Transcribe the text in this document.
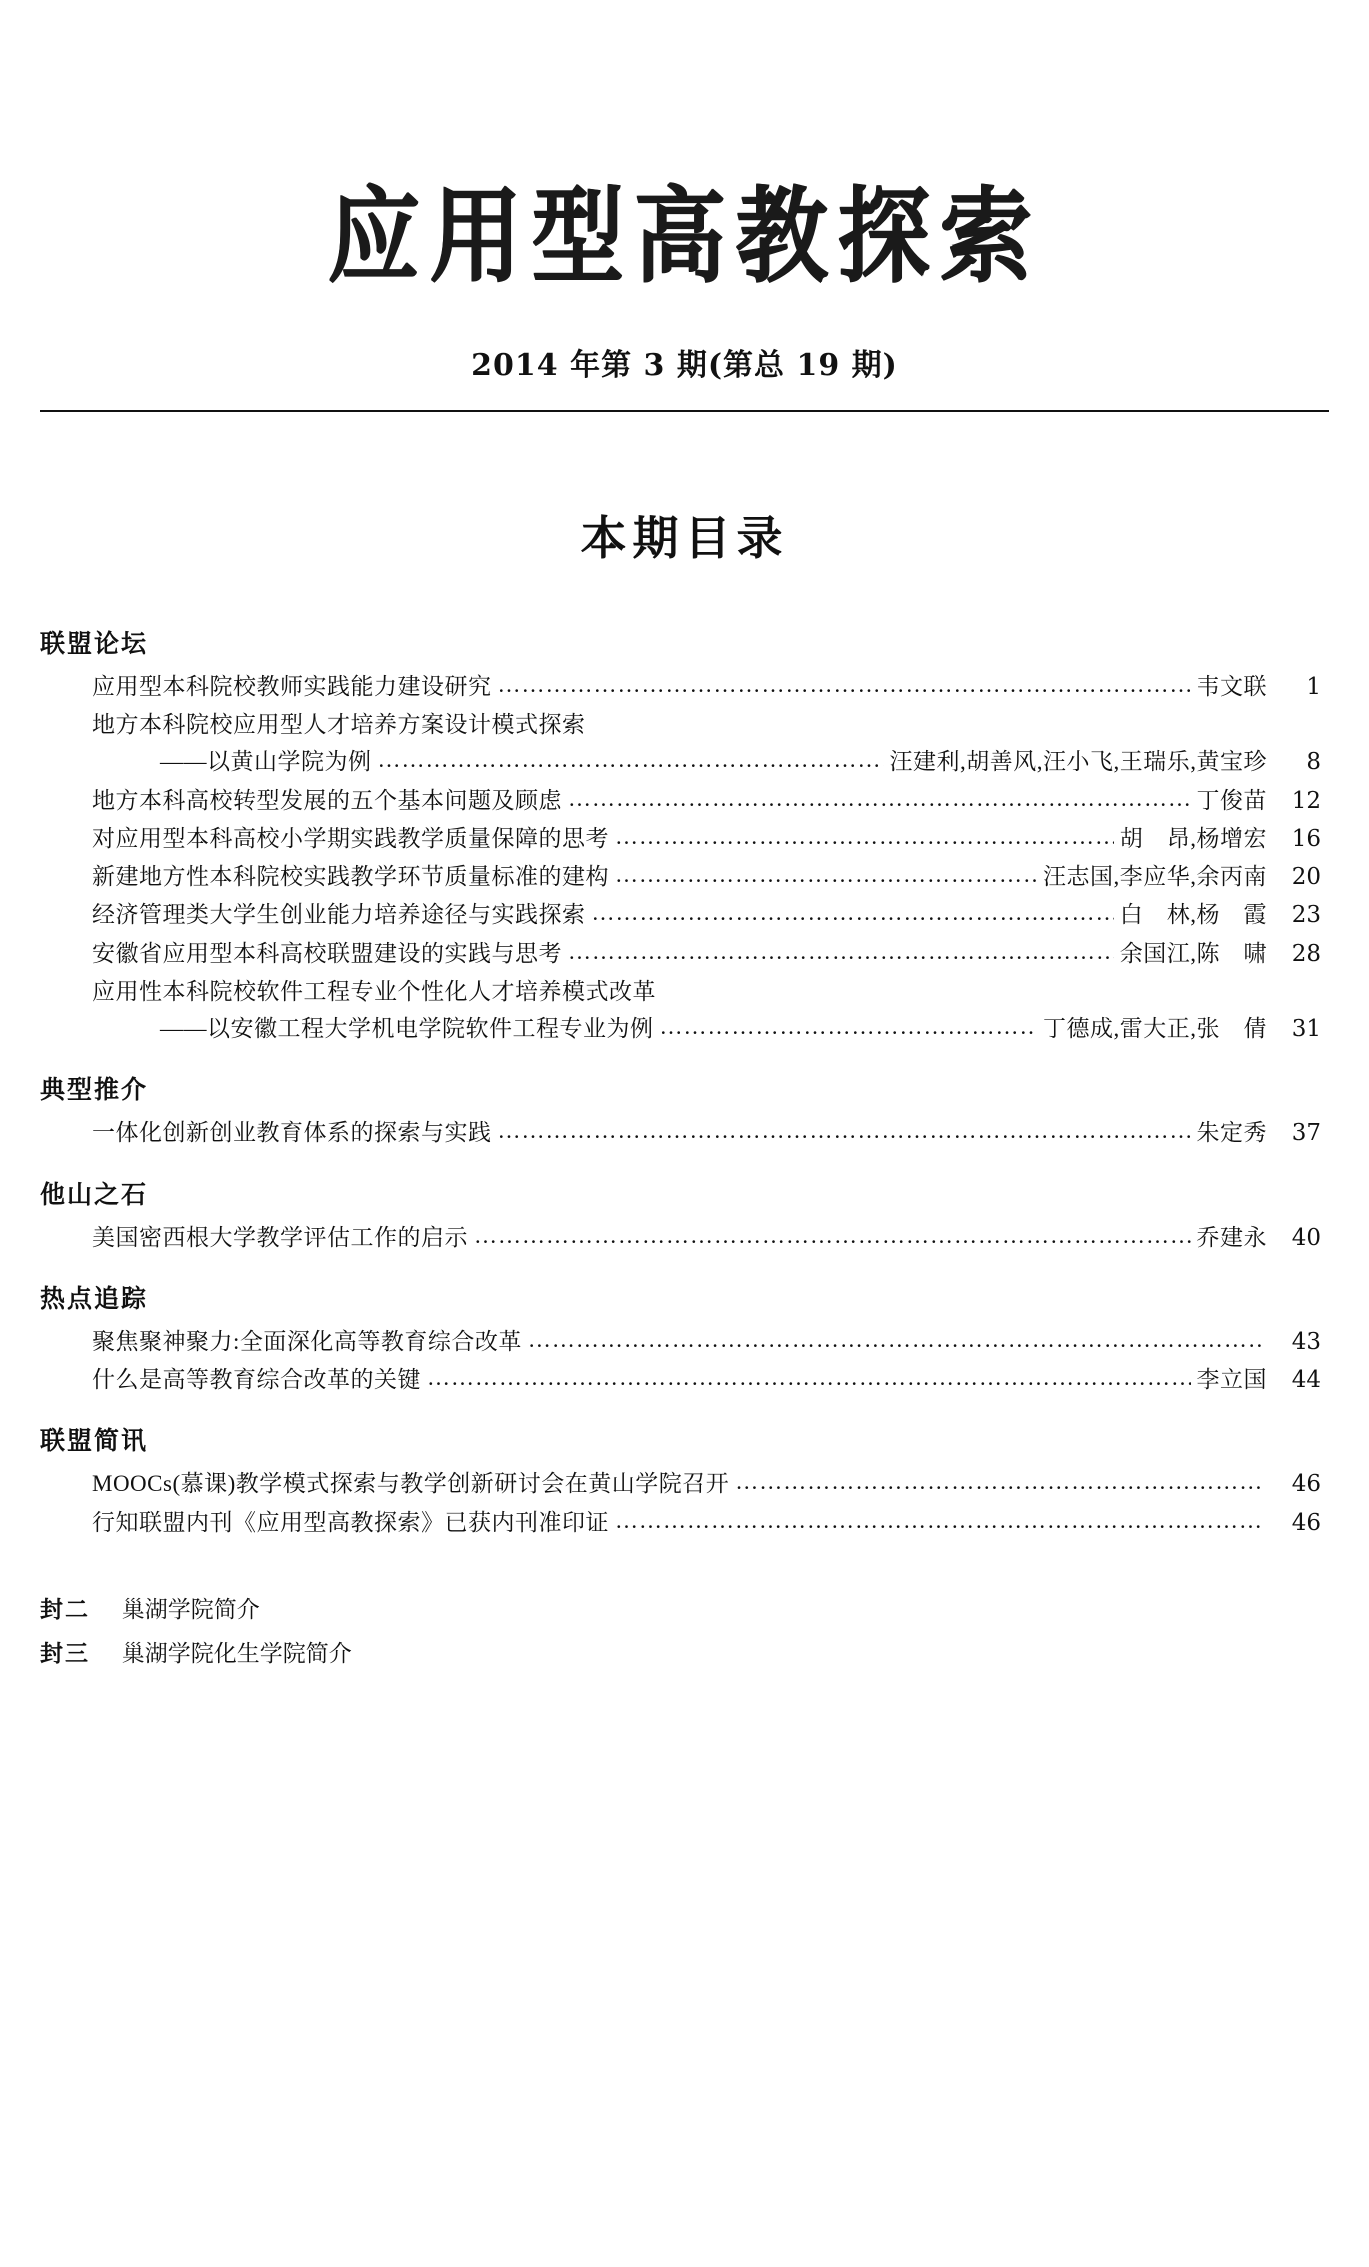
应用型高教探索
2014 年第 3 期(第总 19 期)
本期目录
联盟论坛
应用型本科院校教师实践能力建设研究 ………………………………………………………………………………………………………………………………………………………………………………	韦文联	1
地方本科院校应用型人才培养方案设计模式探索
——以黄山学院为例 ………………………………………………………………………………………………………………………………………………………………………………	汪建利,胡善风,汪小飞,王瑞乐,黄宝珍	8
地方本科高校转型发展的五个基本问题及顾虑 ………………………………………………………………………………………………………………………………………………………………………………	丁俊苗	12
对应用型本科高校小学期实践教学质量保障的思考 ………………………………………………………………………………………………………………………………………………………………………………	胡　昂,杨增宏	16
新建地方性本科院校实践教学环节质量标准的建构 ………………………………………………………………………………………………………………………………………………………………………………	汪志国,李应华,余丙南	20
经济管理类大学生创业能力培养途径与实践探索 ………………………………………………………………………………………………………………………………………………………………………………	白　林,杨　霞	23
安徽省应用型本科高校联盟建设的实践与思考 ………………………………………………………………………………………………………………………………………………………………………………	余国江,陈　啸	28
应用性本科院校软件工程专业个性化人才培养模式改革
——以安徽工程大学机电学院软件工程专业为例 ………………………………………………………………………………………………………………………………………………………………………………	丁德成,雷大正,张　倩	31
典型推介
一体化创新创业教育体系的探索与实践 ………………………………………………………………………………………………………………………………………………………………………………	朱定秀	37
他山之石
美国密西根大学教学评估工作的启示 ………………………………………………………………………………………………………………………………………………………………………………	乔建永	40
热点追踪
聚焦聚神聚力:全面深化高等教育综合改革 ………………………………………………………………………………………………………………………………………………………………………………	43
什么是高等教育综合改革的关键 ………………………………………………………………………………………………………………………………………………………………………………	李立国	44
联盟简讯
MOOCs(慕课)教学模式探索与教学创新研讨会在黄山学院召开 ………………………………………………………………………………………………………………………………………………………………………………	46
行知联盟内刊《应用型高教探索》已获内刊准印证 ………………………………………………………………………………………………………………………………………………………………………………	46
封二 巢湖学院简介
封三 巢湖学院化生学院简介
